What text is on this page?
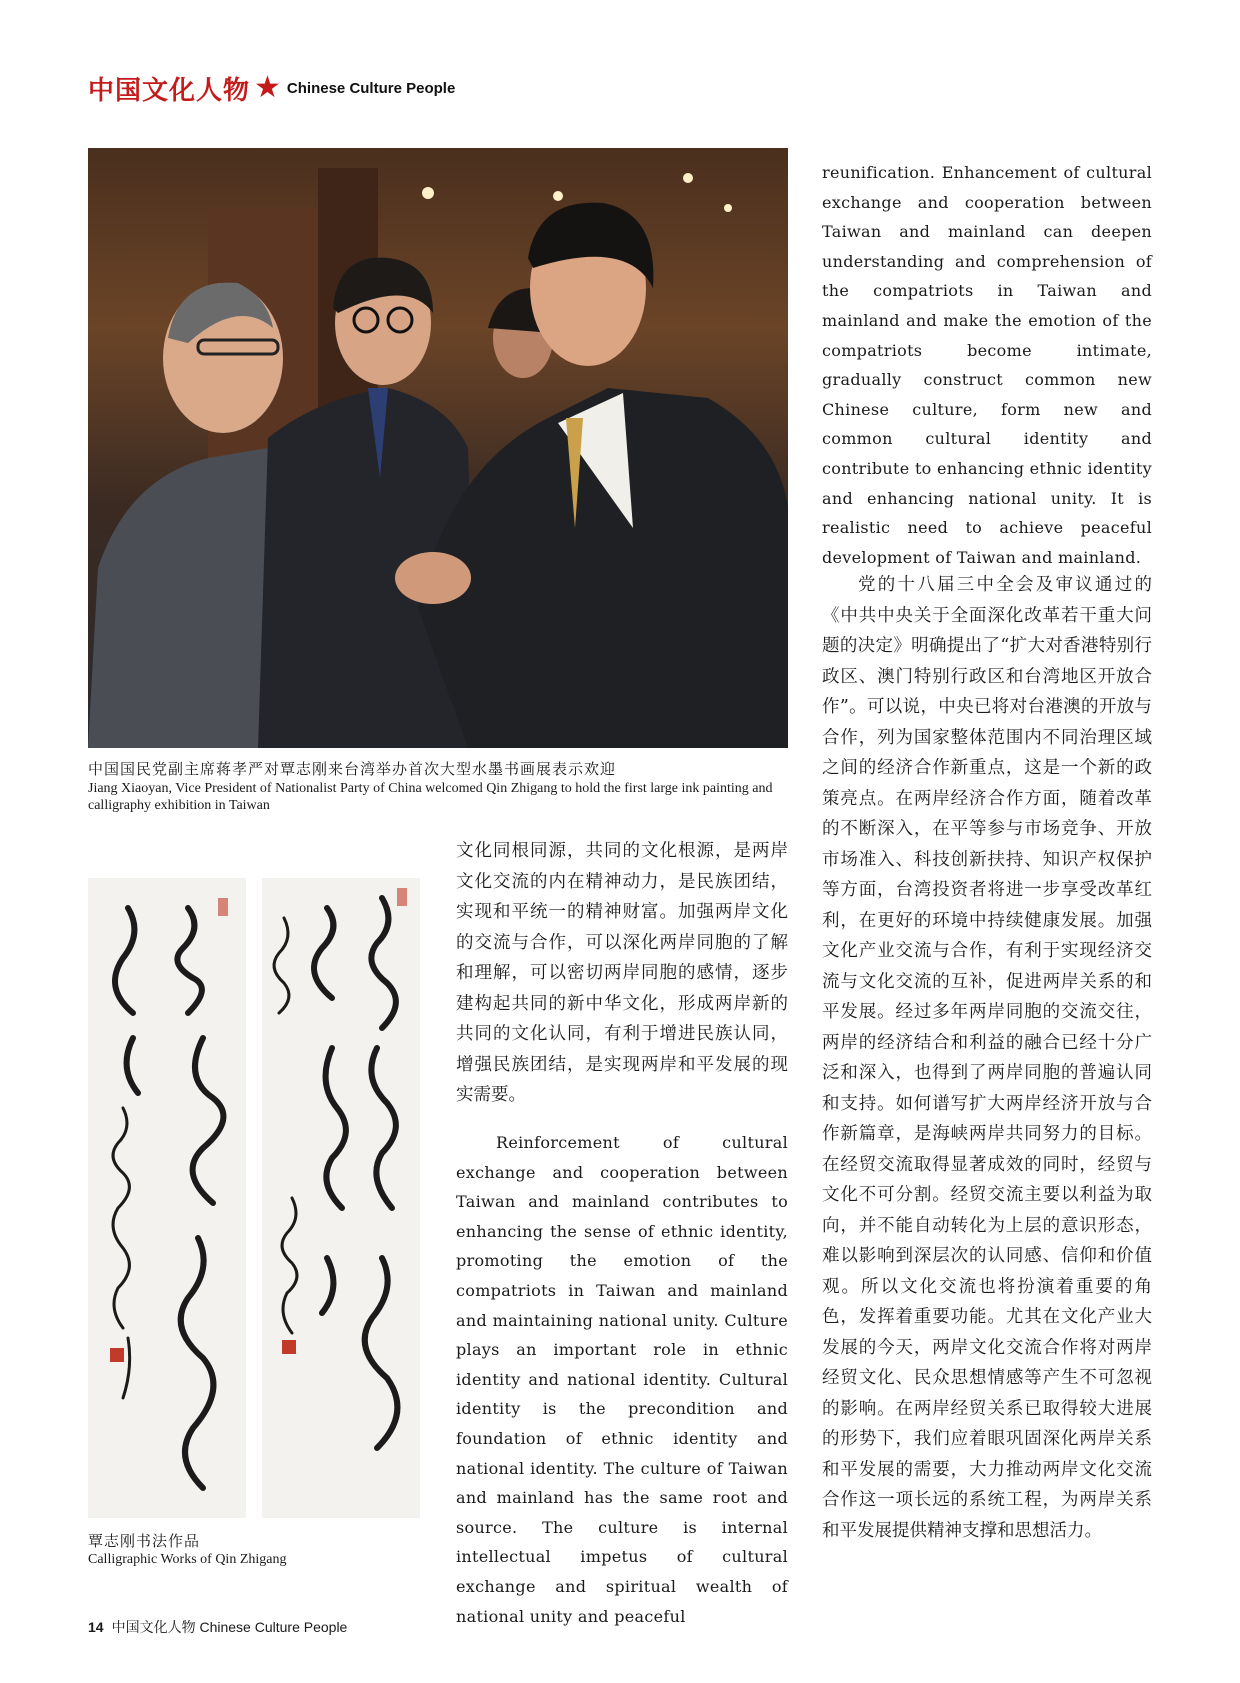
中国文化人物 ★ Chinese Culture People
中国国民党副主席蒋孝严对覃志刚来台湾举办首次大型水墨书画展表示欢迎
Jiang Xiaoyan, Vice President of Nationalist Party of China welcomed Qin Zhigang to hold the first large ink painting and calligraphy exhibition in Taiwan
覃志刚书法作品
Calligraphic Works of Qin Zhigang
文化同根同源，共同的文化根源，是两岸文化交流的内在精神动力，是民族团结，实现和平统一的精神财富。加强两岸文化的交流与合作，可以深化两岸同胞的了解和理解，可以密切两岸同胞的感情，逐步建构起共同的新中华文化，形成两岸新的共同的文化认同，有利于增进民族认同，增强民族团结，是实现两岸和平发展的现实需要。
Reinforcement of cultural exchange and cooperation between Taiwan and mainland contributes to enhancing the sense of ethnic identity, promoting the emotion of the compatriots in Taiwan and mainland and maintaining national unity. Culture plays an important role in ethnic identity and national identity. Cultural identity is the precondition and foundation of ethnic identity and national identity. The culture of Taiwan and mainland has the same root and source. The culture is internal intellectual impetus of cultural exchange and spiritual wealth of national unity and peaceful
reunification. Enhancement of cultural exchange and cooperation between Taiwan and mainland can deepen understanding and comprehension of the compatriots in Taiwan and mainland and make the emotion of the compatriots become intimate, gradually construct common new Chinese culture, form new and common cultural identity and contribute to enhancing ethnic identity and enhancing national unity. It is realistic need to achieve peaceful development of Taiwan and mainland.
党的十八届三中全会及审议通过的《中共中央关于全面深化改革若干重大问题的决定》明确提出了“扩大对香港特别行政区、澳门特别行政区和台湾地区开放合作”。可以说，中央已将对台港澳的开放与合作，列为国家整体范围内不同治理区域之间的经济合作新重点，这是一个新的政策亮点。在两岸经济合作方面，随着改革的不断深入，在平等参与市场竞争、开放市场准入、科技创新扶持、知识产权保护等方面，台湾投资者将进一步享受改革红利，在更好的环境中持续健康发展。加强文化产业交流与合作，有利于实现经济交流与文化交流的互补，促进两岸关系的和平发展。经过多年两岸同胞的交流交往，两岸的经济结合和利益的融合已经十分广泛和深入，也得到了两岸同胞的普遍认同和支持。如何谱写扩大两岸经济开放与合作新篇章，是海峡两岸共同努力的目标。在经贸交流取得显著成效的同时，经贸与文化不可分割。经贸交流主要以利益为取向，并不能自动转化为上层的意识形态，难以影响到深层次的认同感、信仰和价值观。所以文化交流也将扮演着重要的角色，发挥着重要功能。尤其在文化产业大发展的今天，两岸文化交流合作将对两岸经贸文化、民众思想情感等产生不可忽视的影响。在两岸经贸关系已取得较大进展的形势下，我们应着眼巩固深化两岸关系和平发展的需要，大力推动两岸文化交流合作这一项长远的系统工程，为两岸关系和平发展提供精神支撑和思想活力。
14 中国文化人物 Chinese Culture People
